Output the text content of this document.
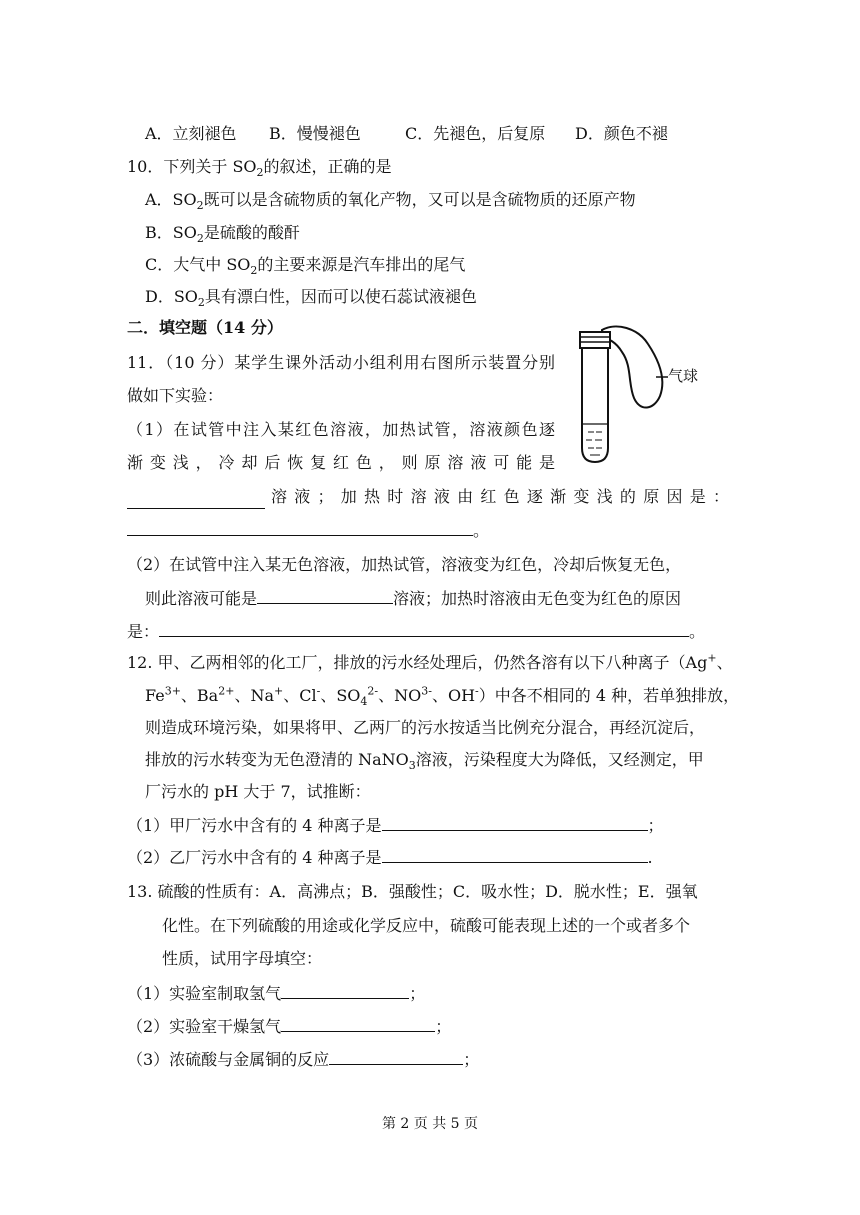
A．立刻褪色 B．慢慢褪色	C．先褪色，后复原 D．颜色不褪
10．下列关于 $SO_2$的叙述，正确的是
A．$SO_2$既可以是含硫物质的氧化产物，又可以是含硫物质的还原产物
B．$SO_2$是硫酸的酸酐
C．大气中 $SO_2$的主要来源是汽车排出的尾气
D．$SO_2$具有漂白性，因而可以使石蕊试液褪色
二．填空题（14 分）
11．（10 分）某学生课外活动小组利用右图所示装置分别
做如下实验：
（1）在试管中注入某红色溶液，加热试管，溶液颜色逐
渐变浅，冷却后恢复红色，则原溶液可能是
溶液；加热时溶液由红色逐渐变浅的原因是：
。
（2）在试管中注入某无色溶液，加热试管，溶液变为红色，冷却后恢复无色，
则此溶液可能是	溶液；加热时溶液由无色变为红色的原因
是：	。
气球
12. 甲、乙两相邻的化工厂，排放的污水经处理后，仍然各溶有以下八种离子（Ag+、
$Fe^{3+}$、$Ba^{2+}$、Na+、Cl-、$SO_4^{2-}$、$NO^{3-}$、OH-）中各不相同的 4 种，若单独排放，
则造成环境污染，如果将甲、乙两厂的污水按适当比例充分混合，再经沉淀后，
排放的污水转变为无色澄清的 NaNO$_3$溶液，污染程度大为降低，又经测定，甲
厂污水的 pH 大于 7，试推断：
（1）甲厂污水中含有的 4 种离子是	；
（2）乙厂污水中含有的 4 种离子是	.
13. 硫酸的性质有：A．高沸点；B．强酸性；C．吸水性；D．脱水性；E．强氧
化性。在下列硫酸的用途或化学反应中，硫酸可能表现上述的一个或者多个
性质，试用字母填空：
（1）实验室制取氢气	；
（2）实验室干燥氢气	；
（3）浓硫酸与金属铜的反应	；
第 2 页 共 5 页
